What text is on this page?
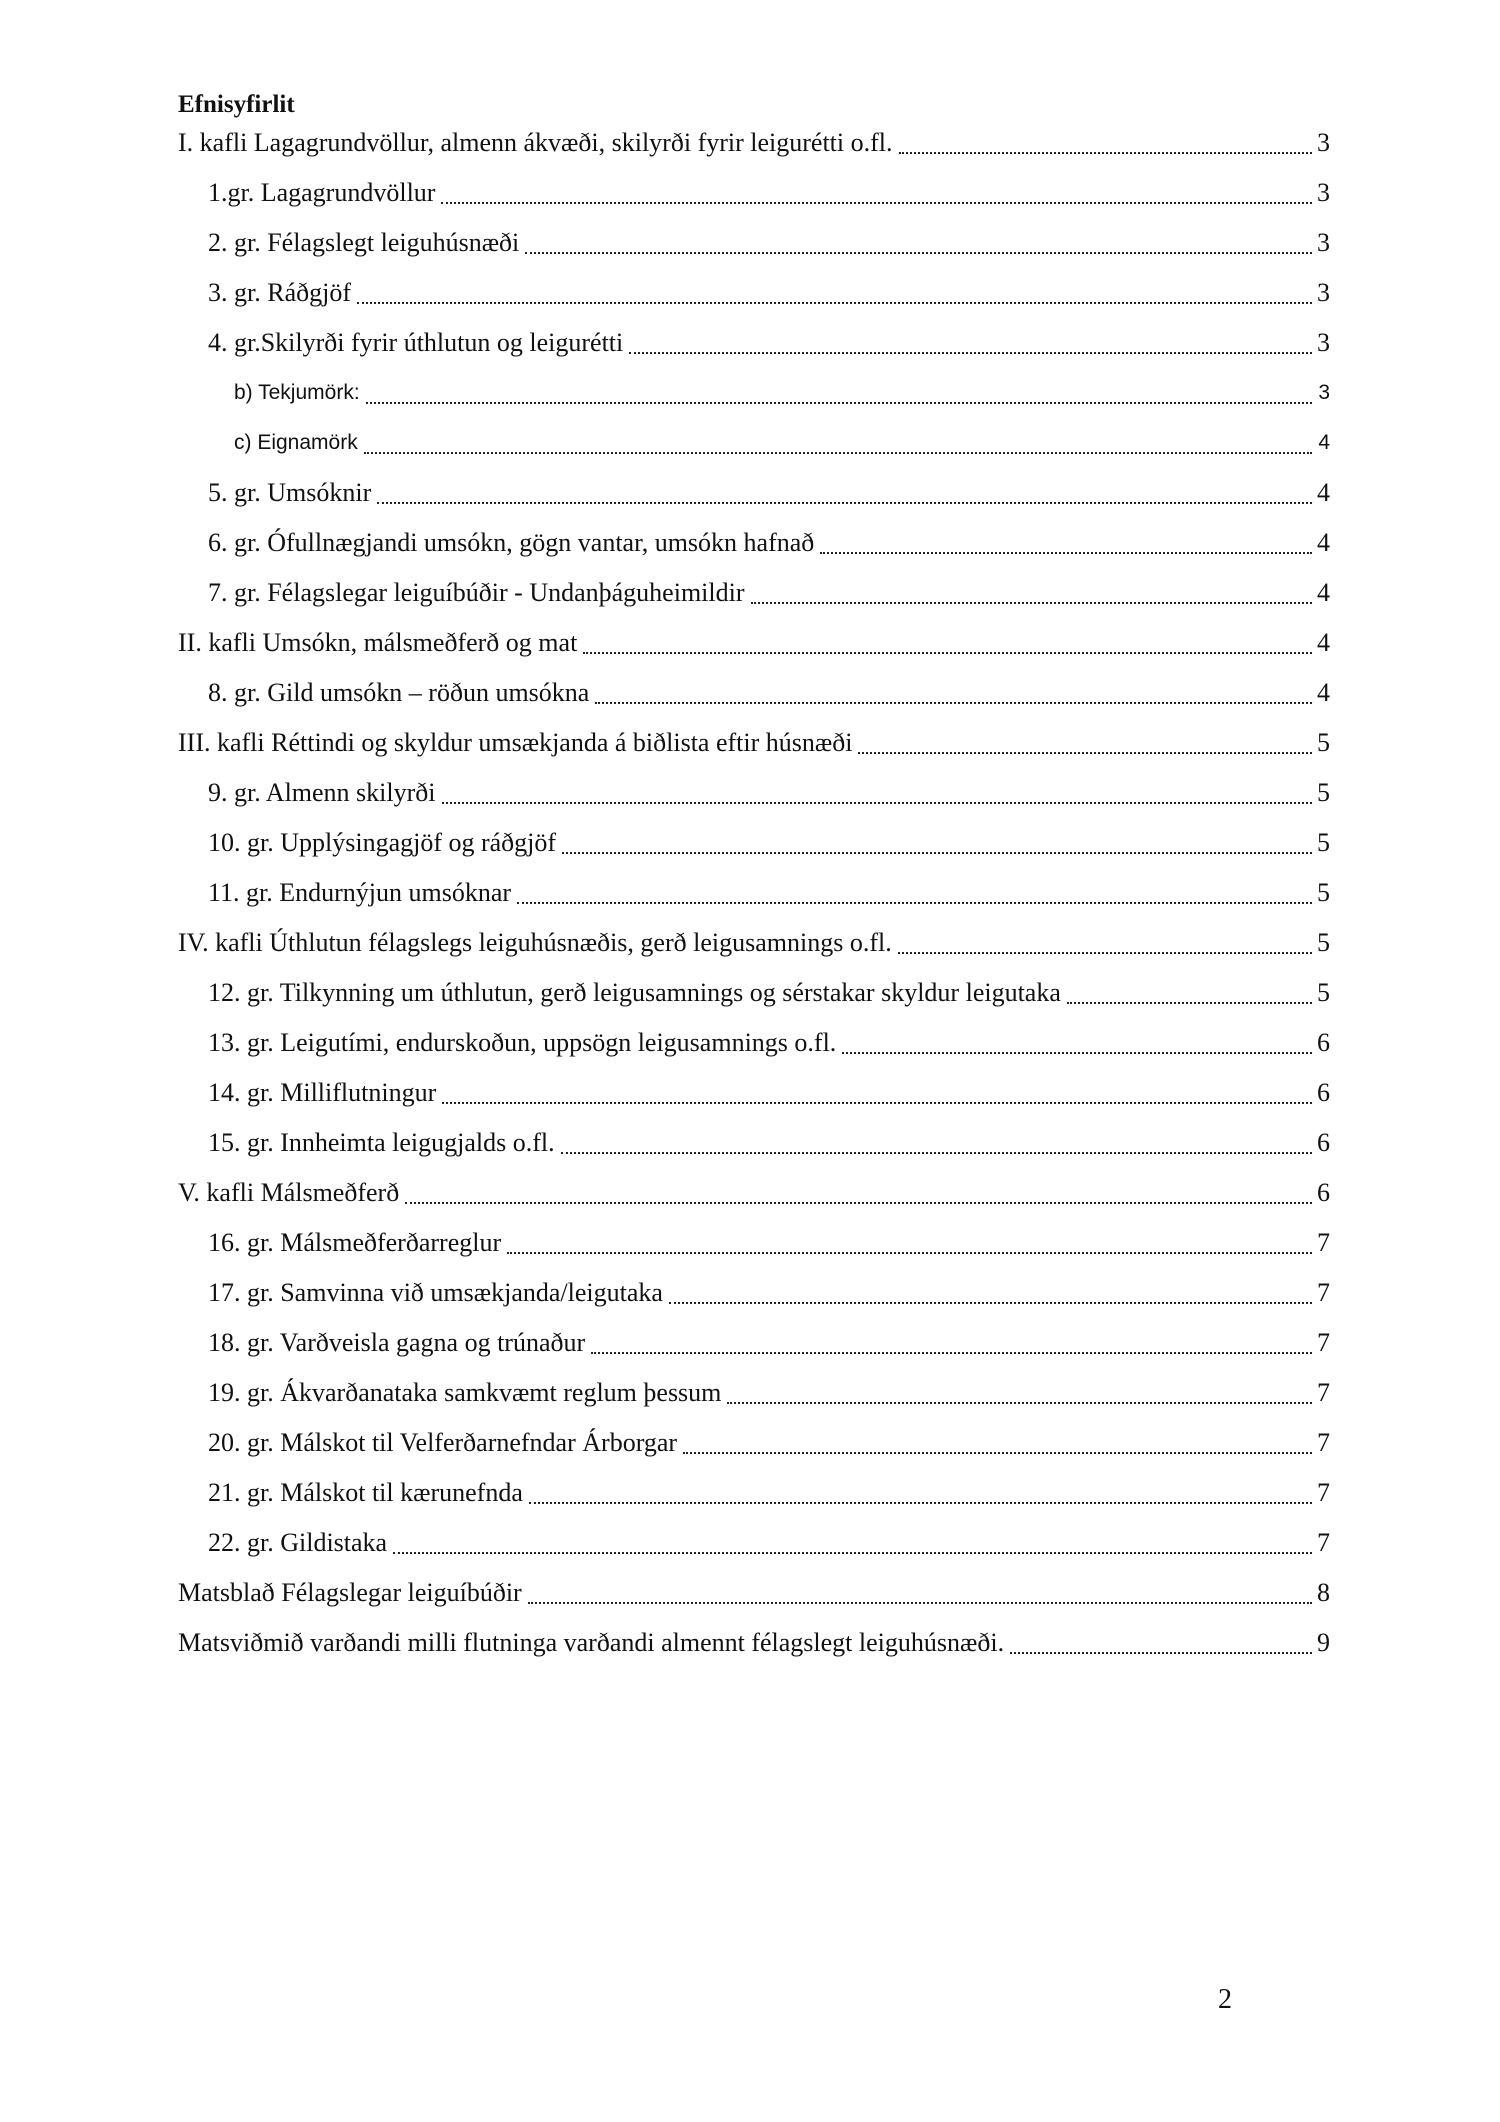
Efnisyfirlit
I. kafli Lagagrundvöllur, almenn ákvæði, skilyrði fyrir leigurétti o.fl.	3
1.gr. Lagagrundvöllur	3
2. gr. Félagslegt leiguhúsnæði	3
3. gr. Ráðgjöf	3
4. gr.Skilyrði fyrir úthlutun og leigurétti	3
b) Tekjumörk:	3
c) Eignamörk	4
5. gr. Umsóknir	4
6. gr. Ófullnægjandi umsókn, gögn vantar, umsókn hafnað	4
7. gr. Félagslegar leiguíbúðir - Undanþáguheimildir	4
II. kafli Umsókn, málsmeðferð og mat	4
8. gr. Gild umsókn – röðun umsókna	4
III. kafli Réttindi og skyldur umsækjanda á biðlista eftir húsnæði	5
9. gr. Almenn skilyrði	5
10. gr. Upplýsingagjöf og ráðgjöf	5
11. gr. Endurnýjun umsóknar	5
IV. kafli Úthlutun félagslegs leiguhúsnæðis, gerð leigusamnings o.fl.	5
12. gr. Tilkynning um úthlutun, gerð leigusamnings og sérstakar skyldur leigutaka	5
13. gr. Leigutími, endurskoðun, uppsögn leigusamnings o.fl.	6
14. gr. Milliflutningur	6
15. gr. Innheimta leigugjalds o.fl.	6
V. kafli Málsmeðferð	6
16. gr. Málsmeðferðarreglur	7
17. gr. Samvinna við umsækjanda/leigutaka	7
18. gr. Varðveisla gagna og trúnaður	7
19. gr. Ákvarðanataka samkvæmt reglum þessum	7
20. gr. Málskot til Velferðarnefndar Árborgar	7
21. gr. Málskot til kærunefnda	7
22. gr. Gildistaka	7
Matsblað Félagslegar leiguíbúðir	8
Matsviðmið varðandi milli flutninga varðandi almennt félagslegt leiguhúsnæði.	9
2
